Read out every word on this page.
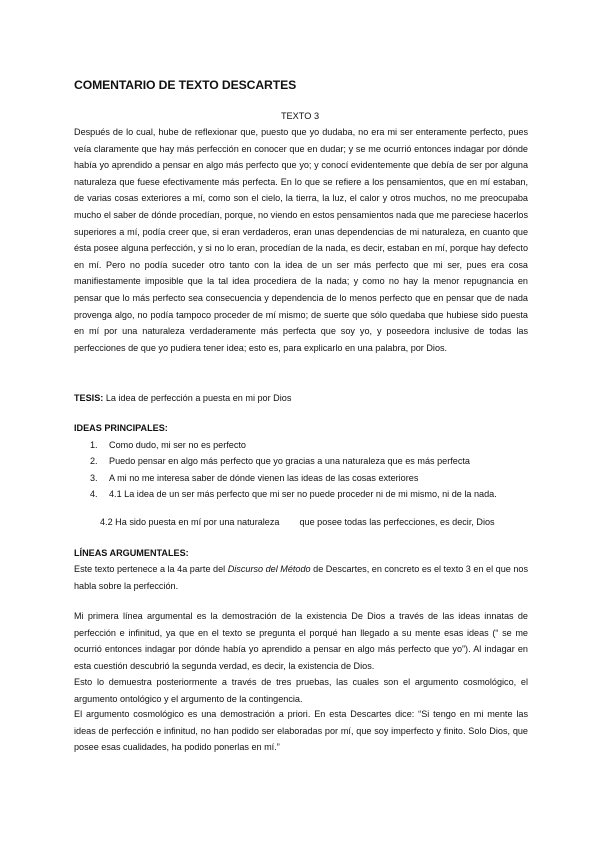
COMENTARIO DE TEXTO DESCARTES
TEXTO 3
Después de lo cual, hube de reflexionar que, puesto que yo dudaba, no era mi ser enteramente perfecto, pues veía claramente que hay más perfección en conocer que en dudar; y se me ocurrió entonces indagar por dónde había yo aprendido a pensar en algo más perfecto que yo; y conocí evidentemente que debía de ser por alguna naturaleza que fuese efectivamente más perfecta. En lo que se refiere a los pensamientos, que en mí estaban, de varias cosas exteriores a mí, como son el cielo, la tierra, la luz, el calor y otros muchos, no me preocupaba mucho el saber de dónde procedían, porque, no viendo en estos pensamientos nada que me pareciese hacerlos superiores a mí, podía creer que, si eran verdaderos, eran unas dependencias de mi naturaleza, en cuanto que ésta posee alguna perfección, y si no lo eran, procedían de la nada, es decir, estaban en mí, porque hay defecto en mí. Pero no podía suceder otro tanto con la idea de un ser más perfecto que mi ser, pues era cosa manifiestamente imposible que la tal idea procediera de la nada; y como no hay la menor repugnancia en pensar que lo más perfecto sea consecuencia y dependencia de lo menos perfecto que en pensar que de nada provenga algo, no podía tampoco proceder de mí mismo; de suerte que sólo quedaba que hubiese sido puesta en mí por una naturaleza verdaderamente más perfecta que soy yo, y poseedora inclusive de todas las perfecciones de que yo pudiera tener idea; esto es, para explicarlo en una palabra, por Dios.
TESIS: La idea de perfección a puesta en mi por Dios
IDEAS PRINCIPALES:
1. Como dudo, mi ser no es perfecto
2. Puedo pensar en algo más perfecto que yo gracias a una naturaleza que es más perfecta
3. A mi no me interesa saber de dónde vienen las ideas de las cosas exteriores
4. 4.1 La idea de un ser más perfecto que mi ser no puede proceder ni de mi mismo, ni de la nada.
4.2 Ha sido puesta en mí por una naturaleza que posee todas las perfecciones, es decir, Dios
LÍNEAS ARGUMENTALES:
Este texto pertenece a la 4a parte del Discurso del Método de Descartes, en concreto es el texto 3 en el que nos habla sobre la perfección.
Mi primera línea argumental es la demostración de la existencia De Dios a través de las ideas innatas de perfección e infinitud, ya que en el texto se pregunta el porqué han llegado a su mente esas ideas (“ se me ocurrió entonces indagar por dónde había yo aprendido a pensar en algo más perfecto que yo”). Al indagar en esta cuestión descubrió la segunda verdad, es decir, la existencia de Dios.
Esto lo demuestra posteriormente a través de tres pruebas, las cuales son el argumento cosmológico, el argumento ontológico y el argumento de la contingencia.
El argumento cosmológico es una demostración a priori. En esta Descartes dice: “Si tengo en mi mente las ideas de perfección e infinitud, no han podido ser elaboradas por mí, que soy imperfecto y finito. Solo Dios, que posee esas cualidades, ha podido ponerlas en mí.”
